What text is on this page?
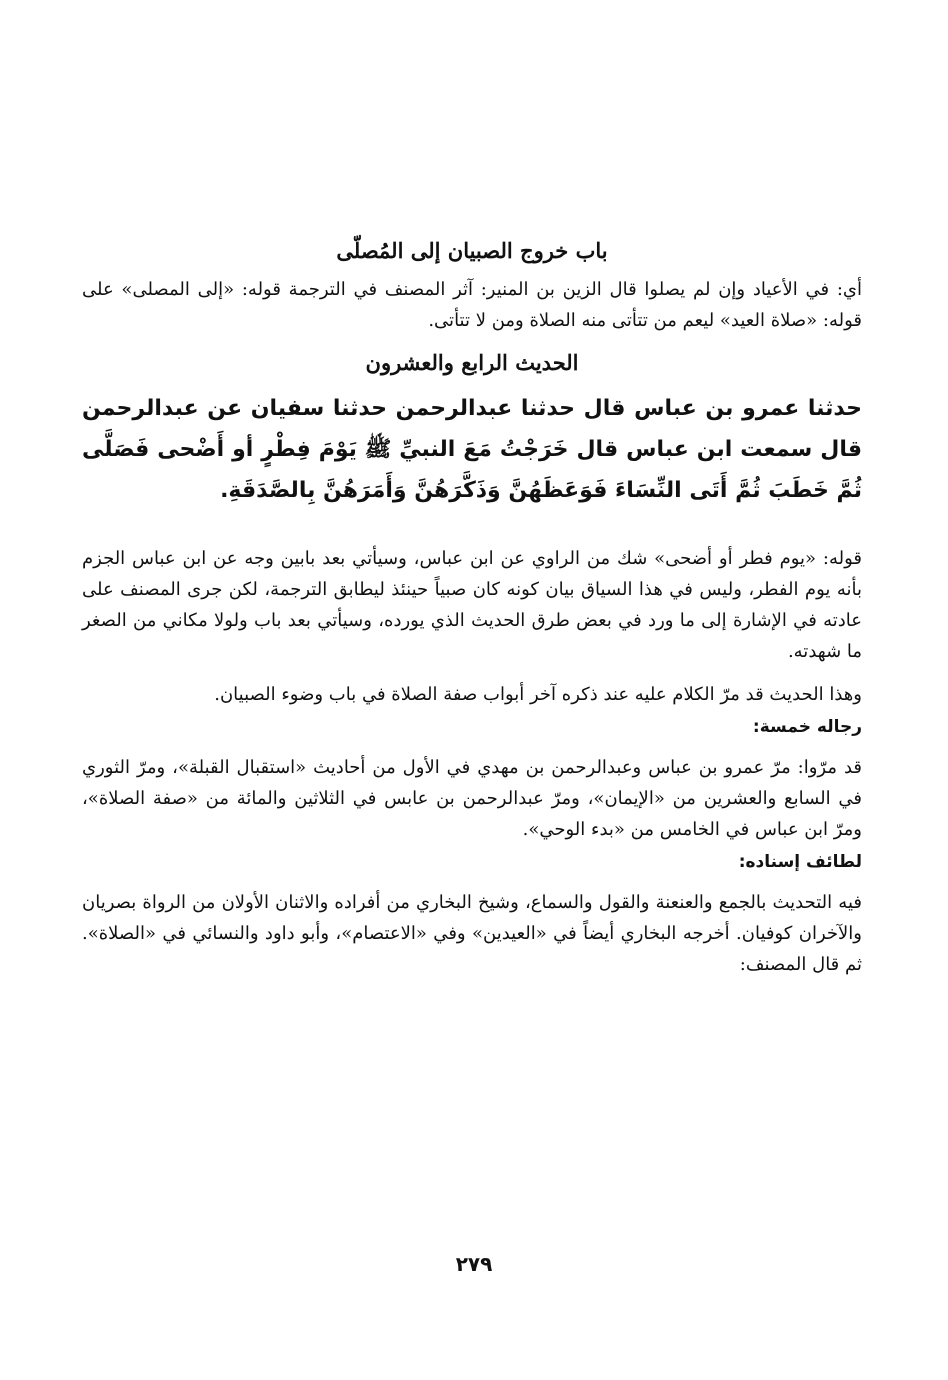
باب خروج الصبيان إلى المُصلّى

أي: في الأعياد وإن لم يصلوا قال الزين بن المنير: آثر المصنف في الترجمة قوله: «إلى المصلى» على قوله: «صلاة العيد» ليعم من تتأتى منه الصلاة ومن لا تتأتى.

الحديث الرابع والعشرون

حدثنا عمرو بن عباس قال حدثنا عبدالرحمن حدثنا سفيان عن عبدالرحمن قال سمعت ابن عباس قال خَرَجْتُ مَعَ النبيِّ ﷺ يَوْمَ فِطْرٍ أو أَضْحى فَصَلَّى ثُمَّ خَطَبَ ثُمَّ أَتَى النِّسَاءَ فَوَعَظَهُنَّ وَذَكَّرَهُنَّ وَأَمَرَهُنَّ بِالصَّدَقَةِ.

قوله: «يوم فطر أو أضحى» شك من الراوي عن ابن عباس، وسيأتي بعد بابين وجه عن ابن عباس الجزم بأنه يوم الفطر، وليس في هذا السياق بيان كونه كان صبياً حينئذ ليطابق الترجمة، لكن جرى المصنف على عادته في الإشارة إلى ما ورد في بعض طرق الحديث الذي يورده، وسيأتي بعد باب ولولا مكاني من الصغر ما شهدته.

وهذا الحديث قد مرّ الكلام عليه عند ذكره آخر أبواب صفة الصلاة في باب وضوء الصبيان.

رجاله خمسة:

قد مرّوا: مرّ عمرو بن عباس وعبدالرحمن بن مهدي في الأول من أحاديث «استقبال القبلة»، ومرّ الثوري في السابع والعشرين من «الإيمان»، ومرّ عبدالرحمن بن عابس في الثلاثين والمائة من «صفة الصلاة»، ومرّ ابن عباس في الخامس من «بدء الوحي».

لطائف إسناده:

فيه التحديث بالجمع والعنعنة والقول والسماع، وشيخ البخاري من أفراده والاثنان الأولان من الرواة بصريان والآخران كوفيان. أخرجه البخاري أيضاً في «العيدين» وفي «الاعتصام»، وأبو داود والنسائي في «الصلاة». ثم قال المصنف:

٢٧٩
